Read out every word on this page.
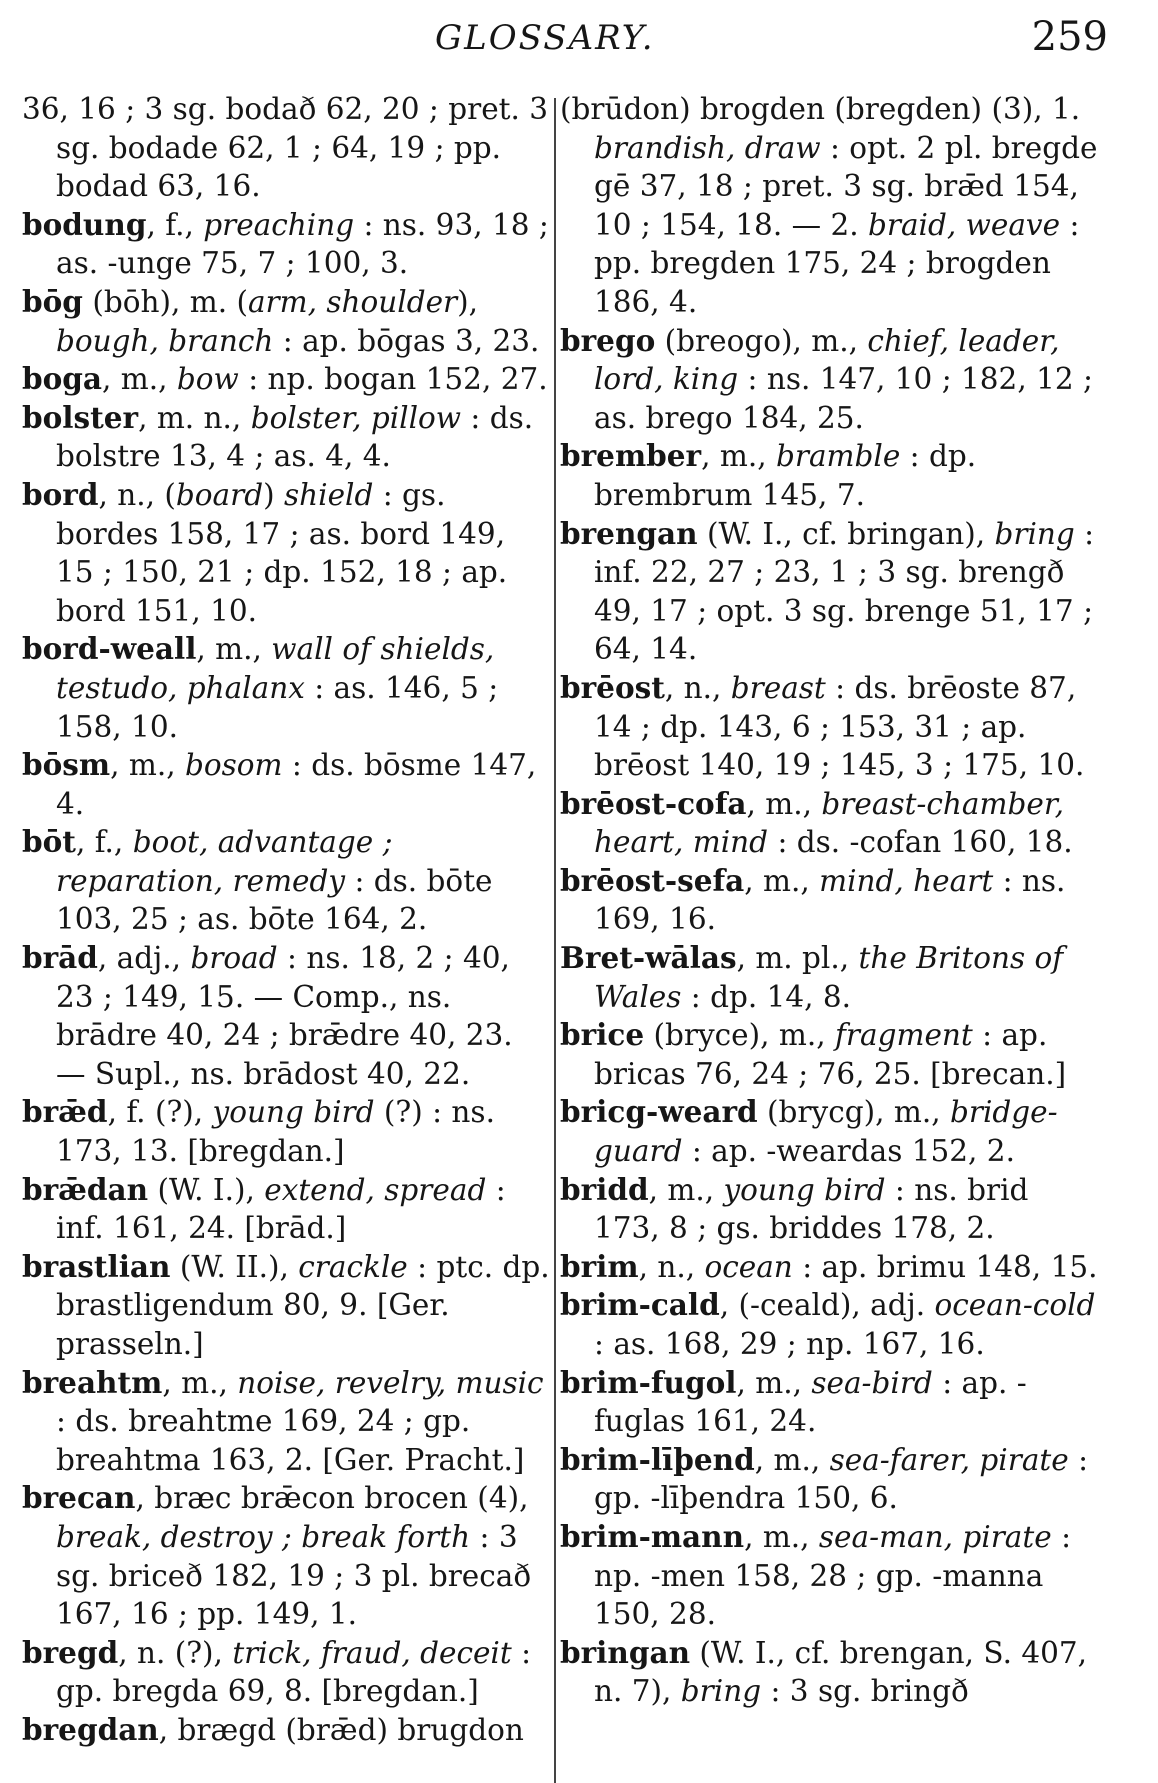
GLOSSARY.	259
36, 16 ; 3 sg. bodað 62, 20 ; pret. 3 sg. bodade 62, 1 ; 64, 19 ; pp. bodad 63, 16.
bodung, f., preaching : ns. 93, 18 ; as. -unge 75, 7 ; 100, 3.
bōg (bōh), m. (arm, shoulder), bough, branch : ap. bōgas 3, 23.
boga, m., bow : np. bogan 152, 27.
bolster, m. n., bolster, pillow : ds. bolstre 13, 4 ; as. 4, 4.
bord, n., (board) shield : gs. bordes 158, 17 ; as. bord 149, 15 ; 150, 21 ; dp. 152, 18 ; ap. bord 151, 10.
bord-weall, m., wall of shields, testudo, phalanx : as. 146, 5 ; 158, 10.
bōsm, m., bosom : ds. bōsme 147, 4.
bōt, f., boot, advantage ; reparation, remedy : ds. bōte 103, 25 ; as. bōte 164, 2.
brād, adj., broad : ns. 18, 2 ; 40, 23 ; 149, 15. — Comp., ns. brādre 40, 24 ; brǣdre 40, 23. — Supl., ns. brādost 40, 22.
brǣd, f. (?), young bird (?) : ns. 173, 13. [bregdan.]
brǣdan (W. I.), extend, spread : inf. 161, 24. [brād.]
brastlian (W. II.), crackle : ptc. dp. brastligendum 80, 9. [Ger. prasseln.]
breahtm, m., noise, revelry, music : ds. breahtme 169, 24 ; gp. breahtma 163, 2. [Ger. Pracht.]
brecan, bræc brǣcon brocen (4), break, destroy ; break forth : 3 sg. briceð 182, 19 ; 3 pl. brecað 167, 16 ; pp. 149, 1.
bregd, n. (?), trick, fraud, deceit : gp. bregda 69, 8. [bregdan.]
bregdan, brægd (brǣd) brugdon
(brūdon) brogden (bregden) (3), 1. brandish, draw : opt. 2 pl. bregde gē 37, 18 ; pret. 3 sg. brǣd 154, 10 ; 154, 18. — 2. braid, weave : pp. bregden 175, 24 ; brogden 186, 4.
brego (breogo), m., chief, leader, lord, king : ns. 147, 10 ; 182, 12 ; as. brego 184, 25.
brember, m., bramble : dp. brembrum 145, 7.
brengan (W. I., cf. bringan), bring : inf. 22, 27 ; 23, 1 ; 3 sg. brengð 49, 17 ; opt. 3 sg. brenge 51, 17 ; 64, 14.
brēost, n., breast : ds. brēoste 87, 14 ; dp. 143, 6 ; 153, 31 ; ap. brēost 140, 19 ; 145, 3 ; 175, 10.
brēost-cofa, m., breast-chamber, heart, mind : ds. -cofan 160, 18.
brēost-sefa, m., mind, heart : ns. 169, 16.
Bret-wālas, m. pl., the Britons of Wales : dp. 14, 8.
brice (bryce), m., fragment : ap. bricas 76, 24 ; 76, 25. [brecan.]
bricg-weard (brycg), m., bridge-guard : ap. -weardas 152, 2.
bridd, m., young bird : ns. brid 173, 8 ; gs. briddes 178, 2.
brim, n., ocean : ap. brimu 148, 15.
brim-cald, (-ceald), adj. ocean-cold : as. 168, 29 ; np. 167, 16.
brim-fugol, m., sea-bird : ap. -fuglas 161, 24.
brim-līþend, m., sea-farer, pirate : gp. -līþendra 150, 6.
brim-mann, m., sea-man, pirate : np. -men 158, 28 ; gp. -manna 150, 28.
bringan (W. I., cf. brengan, S. 407, n. 7), bring : 3 sg. bringð
